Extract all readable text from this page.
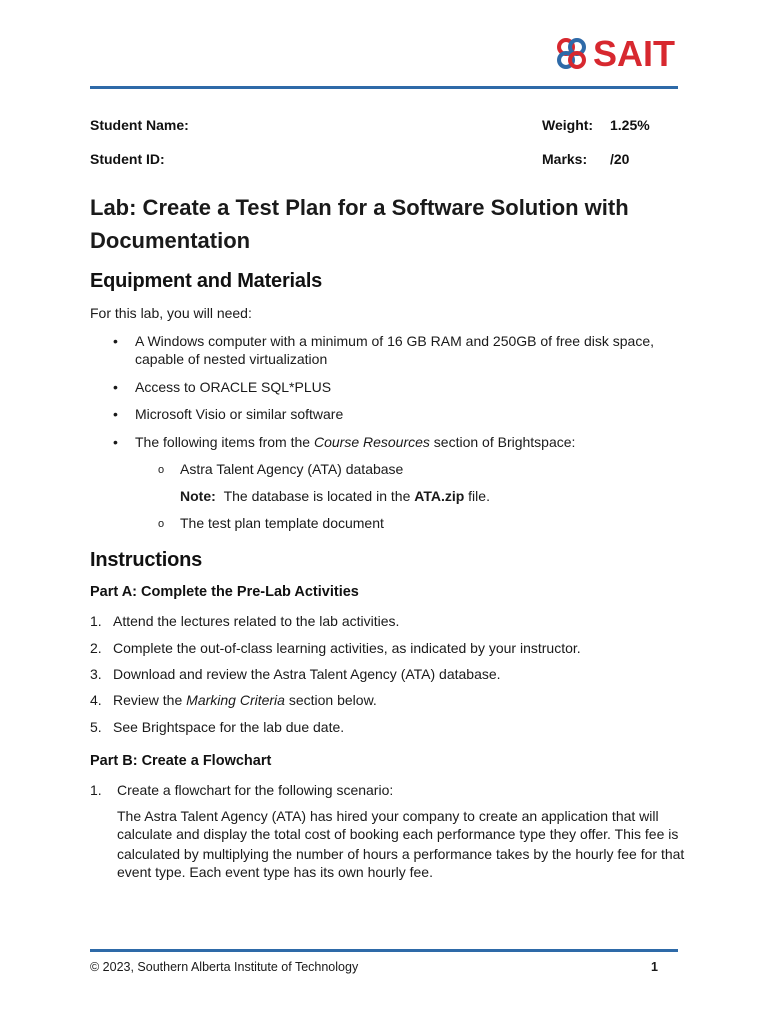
SAIT
Student Name:
Student ID:
Weight: 1.25%
Marks: /20
Lab: Create a Test Plan for a Software Solution with Documentation
Equipment and Materials
For this lab, you will need:
• A Windows computer with a minimum of 16 GB RAM and 250GB of free disk space,
capable of nested virtualization
• Access to ORACLE SQL*PLUS
• Microsoft Visio or similar software
• The following items from the Course Resources section of Brightspace:
o Astra Talent Agency (ATA) database
Note: The database is located in the ATA.zip file.
o The test plan template document
Instructions
Part A: Complete the Pre-Lab Activities
1. Attend the lectures related to the lab activities.
2. Complete the out-of-class learning activities, as indicated by your instructor.
3. Download and review the Astra Talent Agency (ATA) database.
4. Review the Marking Criteria section below.
5. See Brightspace for the lab due date.
Part B: Create a Flowchart
1. Create a flowchart for the following scenario:
The Astra Talent Agency (ATA) has hired your company to create an application that will
calculate and display the total cost of booking each performance type they offer. This fee is
calculated by multiplying the number of hours a performance takes by the hourly fee for that
event type. Each event type has its own hourly fee.
© 2023, Southern Alberta Institute of Technology	1
